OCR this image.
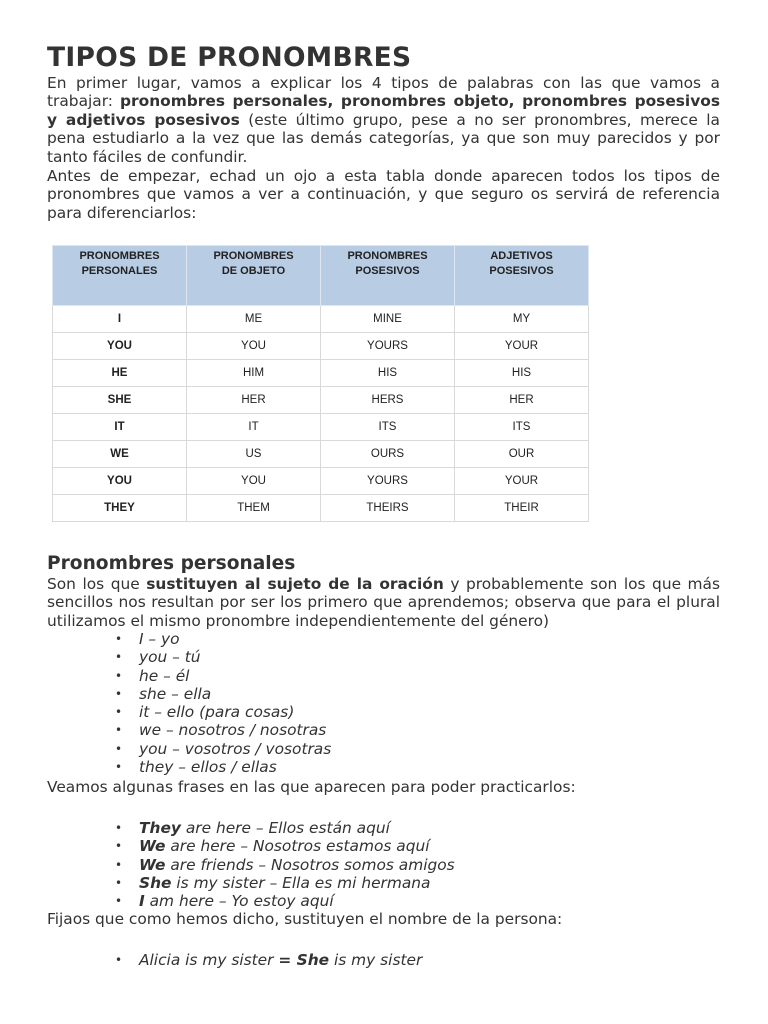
TIPOS DE PRONOMBRES

En primer lugar, vamos a explicar los 4 tipos de palabras con las que vamos a trabajar: pronombres personales, pronombres objeto, pronombres posesivos y adjetivos posesivos (este último grupo, pese a no ser pronombres, merece la pena estudiarlo a la vez que las demás categorías, ya que son muy parecidos y por tanto fáciles de confundir.

Antes de empezar, echad un ojo a esta tabla donde aparecen todos los tipos de pronombres que vamos a ver a continuación, y que seguro os servirá de referencia para diferenciarlos:

PRONOMBRES PERSONALES	PRONOMBRES DE OBJETO	PRONOMBRES POSESIVOS	ADJETIVOS POSESIVOS

I	ME	MINE	MY
YOU	YOU	YOURS	YOUR
HE	HIM	HIS	HIS
SHE	HER	HERS	HER
IT	IT	ITS	ITS
WE	US	OURS	OUR
YOU	YOU	YOURS	YOUR
THEY	THEM	THEIRS	THEIR
Pronombres personales

Son los que sustituyen al sujeto de la oración y probablemente son los que más sencillos nos resultan por ser los primero que aprendemos; observa que para el plural utilizamos el mismo pronombre independientemente del género)

• I – yo
• you – tú
• he – él
• she – ella
• it – ello (para cosas)
• we – nosotros / nosotras
• you – vosotros / vosotras
• they – ellos / ellas

Veamos algunas frases en las que aparecen para poder practicarlos:

• They are here – Ellos están aquí
• We are here – Nosotros estamos aquí
• We are friends – Nosotros somos amigos
• She is my sister – Ella es mi hermana
• I am here – Yo estoy aquí

Fijaos que como hemos dicho, sustituyen el nombre de la persona:

• Alicia is my sister = She is my sister
